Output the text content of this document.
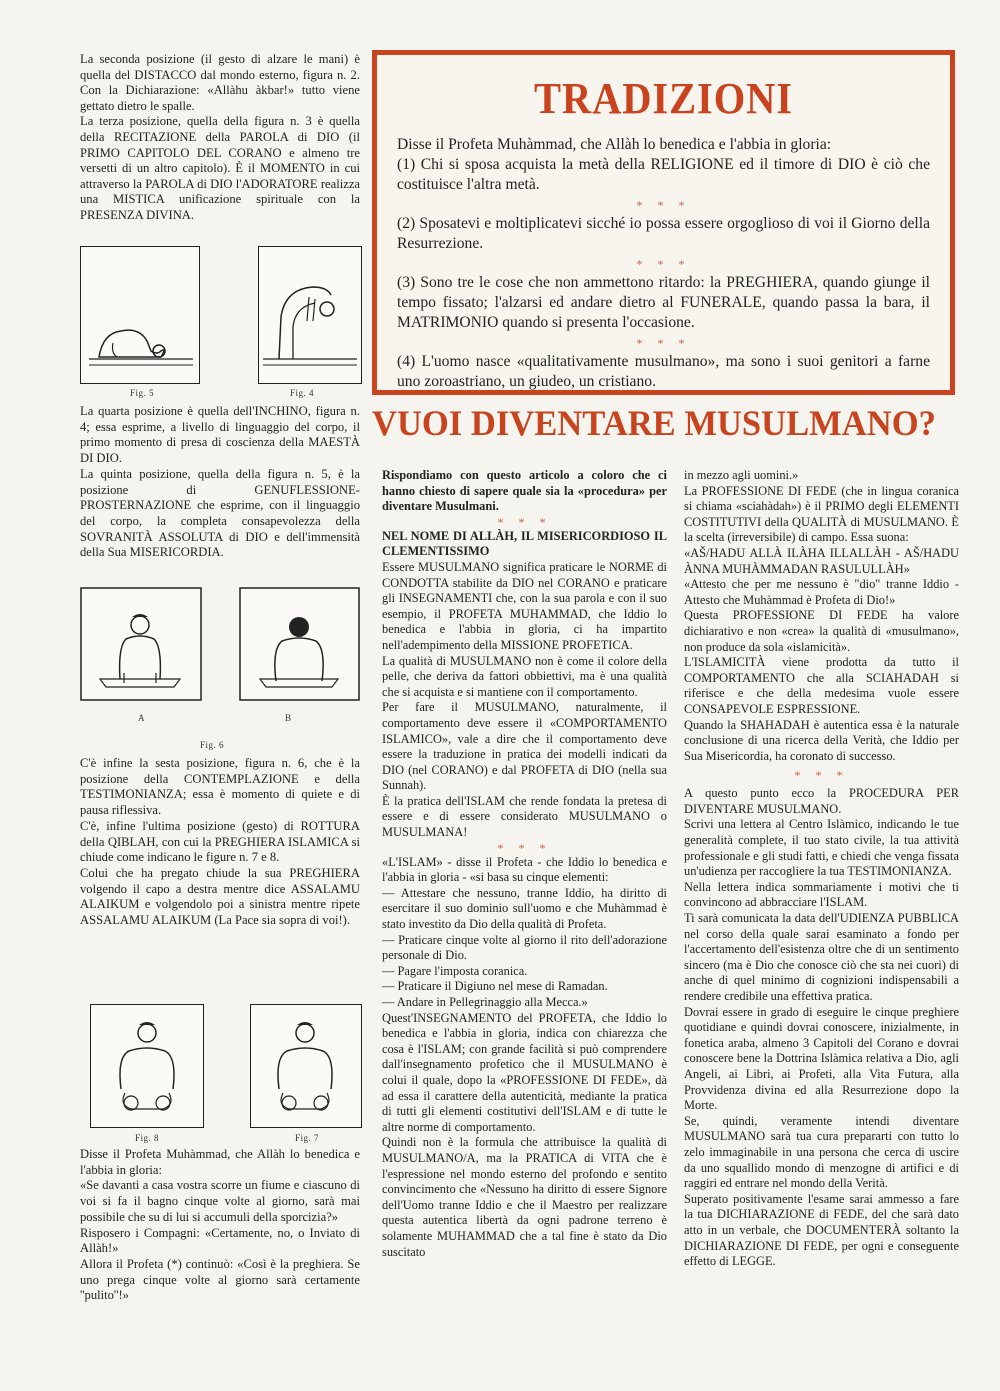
La seconda posizione (il gesto di alzare le mani) è quella del DISTACCO dal mondo esterno, figura n. 2. Con la Dichiarazione: «Allàhu àkbar!» tutto viene gettato dietro le spalle.

La terza posizione, quella della figura n. 3 è quella della RECITAZIONE della PAROLA di DIO (il PRIMO CAPITOLO DEL CORANO e almeno tre versetti di un altro capitolo). È il MOMENTO in cui attraverso la PAROLA di DIO l'ADORATORE realizza una MISTICA unificazione spirituale con la PRESENZA DIVINA.

Fig. 5	Fig. 4

La quarta posizione è quella dell'INCHINO, figura n. 4; essa esprime, a livello di linguaggio del corpo, il primo momento di presa di coscienza della MAESTÀ DI DIO.

La quinta posizione, quella della figura n. 5, è la posizione di GENUFLESSIONE-PROSTERNAZIONE che esprime, con il linguaggio del corpo, la completa consapevolezza della SOVRANITÀ ASSOLUTA di DIO e dell'immensità della Sua MISERICORDIA.

A	B
Fig. 6

C'è infine la sesta posizione, figura n. 6, che è la posizione della CONTEMPLAZIONE e della TESTIMONIANZA; essa è momento di quiete e di pausa riflessiva.

C'è, infine l'ultima posizione (gesto) di ROTTURA della QIBLAH, con cui la PREGHIERA ISLAMICA si chiude come indicano le figure n. 7 e 8.

Colui che ha pregato chiude la sua PREGHIERA volgendo il capo a destra mentre dice ASSALAMU ALAIKUM e volgendolo poi a sinistra mentre ripete ASSALAMU ALAIKUM (La Pace sia sopra di voi!).

Fig. 8	Fig. 7

Disse il Profeta Muhàmmad, che Allàh lo benedica e l'abbia in gloria:

«Se davanti a casa vostra scorre un fiume e ciascuno di voi si fa il bagno cinque volte al giorno, sarà mai possibile che su di lui si accumuli della sporcizia?»

Risposero i Compagni: «Certamente, no, o Inviato di Allàh!»

Allora il Profeta (*) continuò: «Così è la preghiera. Se uno prega cinque volte al giorno sarà certamente ''pulito''!»

TRADIZIONI

Disse il Profeta Muhàmmad, che Allàh lo benedica e l'abbia in gloria:

(1) Chi si sposa acquista la metà della RELIGIONE ed il timore di DIO è ciò che costituisce l'altra metà.

* * *

(2) Sposatevi e moltiplicatevi sicché io possa essere orgoglioso di voi il Giorno della Resurrezione.

* * *

(3) Sono tre le cose che non ammettono ritardo: la PREGHIERA, quando giunge il tempo fissato; l'alzarsi ed andare dietro al FUNERALE, quando passa la bara, il MATRIMONIO quando si presenta l'occasione.

* * *

(4) L'uomo nasce «qualitativamente musulmano», ma sono i suoi genitori a farne uno zoroastriano, un giudeo, un cristiano.

VUOI DIVENTARE MUSULMANO?

Rispondiamo con questo articolo a coloro che ci hanno chiesto di sapere quale sia la «procedura» per diventare Musulmani.

* * *

NEL NOME DI ALLÀH, IL MISERICORDIOSO IL CLEMENTISSIMO

Essere MUSULMANO significa praticare le NORME di CONDOTTA stabilite da DIO nel CORANO e praticare gli INSEGNAMENTI che, con la sua parola e con il suo esempio, il PROFETA MUHAMMAD, che Iddio lo benedica e l'abbia in gloria, ci ha impartito nell'adempimento della MISSIONE PROFETICA.

La qualità di MUSULMANO non è come il colore della pelle, che deriva da fattori obbiettivi, ma è una qualità che si acquista e si mantiene con il comportamento.

Per fare il MUSULMANO, naturalmente, il comportamento deve essere il «COMPORTAMENTO ISLAMICO», vale a dire che il comportamento deve essere la traduzione in pratica dei modelli indicati da DIO (nel CORANO) e dal PROFETA di DIO (nella sua Sunnah).

È la pratica dell'ISLAM che rende fondata la pretesa di essere e di essere considerato MUSULMANO o MUSULMANA!

* * *

«L'ISLAM» - disse il Profeta - che Iddio lo benedica e l'abbia in gloria - «si basa su cinque elementi:

— Attestare che nessuno, tranne Iddio, ha diritto di esercitare il suo dominio sull'uomo e che Muhàmmad è stato investito da Dio della qualità di Profeta.

— Praticare cinque volte al giorno il rito dell'adorazione personale di Dio.

— Pagare l'imposta coranica.

— Praticare il Digiuno nel mese di Ramadan.

— Andare in Pellegrinaggio alla Mecca.»

Quest'INSEGNAMENTO del PROFETA, che Iddio lo benedica e l'abbia in gloria, indica con chiarezza che cosa è l'ISLAM; con grande facilità si può comprendere dall'insegnamento profetico che il MUSULMANO è colui il quale, dopo la «PROFESSIONE DI FEDE», dà ad essa il carattere della autenticità, mediante la pratica di tutti gli elementi costitutivi dell'ISLAM e di tutte le altre norme di comportamento.

Quindi non è la formula che attribuisce la qualità di MUSULMANO/A, ma la PRATICA di VITA che è l'espressione nel mondo esterno del profondo e sentito convincimento che «Nessuno ha diritto di essere Signore dell'Uomo tranne Iddio e che il Maestro per realizzare questa autentica libertà da ogni padrone terreno è solamente MUHAMMAD che a tal fine è stato da Dio suscitato

in mezzo agli uomini.»

La PROFESSIONE DI FEDE (che in lingua coranica si chiama «sciahàdah») è il PRIMO degli ELEMENTI COSTITUTIVI della QUALITÀ di MUSULMANO. È la scelta (irreversibile) di campo. Essa suona:

«AŠ/HADU ALLÀ ILÀHA ILLALLÀH - AŠ/HADU ÀNNA MUHÀMMADAN RASULULLÀH»

«Attesto che per me nessuno è "dio" tranne Iddio - Attesto che Muhàmmad è Profeta di Dio!»

Questa PROFESSIONE DI FEDE ha valore dichiarativo e non «crea» la qualità di «musulmano», non produce da sola «islamicità».

L'ISLAMICITÀ viene prodotta da tutto il COMPORTAMENTO che alla SCIAHADAH si riferisce e che della medesima vuole essere CONSAPEVOLE ESPRESSIONE.

Quando la SHAHADAH è autentica essa è la naturale conclusione di una ricerca della Verità, che Iddio per Sua Misericordia, ha coronato di successo.

* * *

A questo punto ecco la PROCEDURA PER DIVENTARE MUSULMANO.

Scrivi una lettera al Centro Islàmico, indicando le tue generalità complete, il tuo stato civile, la tua attività professionale e gli studi fatti, e chiedi che venga fissata un'udienza per raccogliere la tua TESTIMONIANZA.

Nella lettera indica sommariamente i motivi che ti convincono ad abbracciare l'ISLAM.

Ti sarà comunicata la data dell'UDIENZA PUBBLICA nel corso della quale sarai esaminato a fondo per l'accertamento dell'esistenza oltre che di un sentimento sincero (ma è Dio che conosce ciò che sta nei cuori) di anche di quel minimo di cognizioni indispensabili a rendere credibile una effettiva pratica.

Dovrai essere in grado di eseguire le cinque preghiere quotidiane e quindi dovrai conoscere, inizialmente, in fonetica araba, almeno 3 Capitoli del Corano e dovrai conoscere bene la Dottrina Islàmica relativa a Dio, agli Angeli, ai Libri, ai Profeti, alla Vita Futura, alla Provvidenza divina ed alla Resurrezione dopo la Morte.

Se, quindi, veramente intendi diventare MUSULMANO sarà tua cura prepararti con tutto lo zelo immaginabile in una persona che cerca di uscire da uno squallido mondo di menzogne di artifici e di raggiri ed entrare nel mondo della Verità.

Superato positivamente l'esame sarai ammesso a fare la tua DICHIARAZIONE di FEDE, del che sarà dato atto in un verbale, che DOCUMENTERÀ soltanto la DICHIARAZIONE DI FEDE, per ogni e conseguente effetto di LEGGE.
